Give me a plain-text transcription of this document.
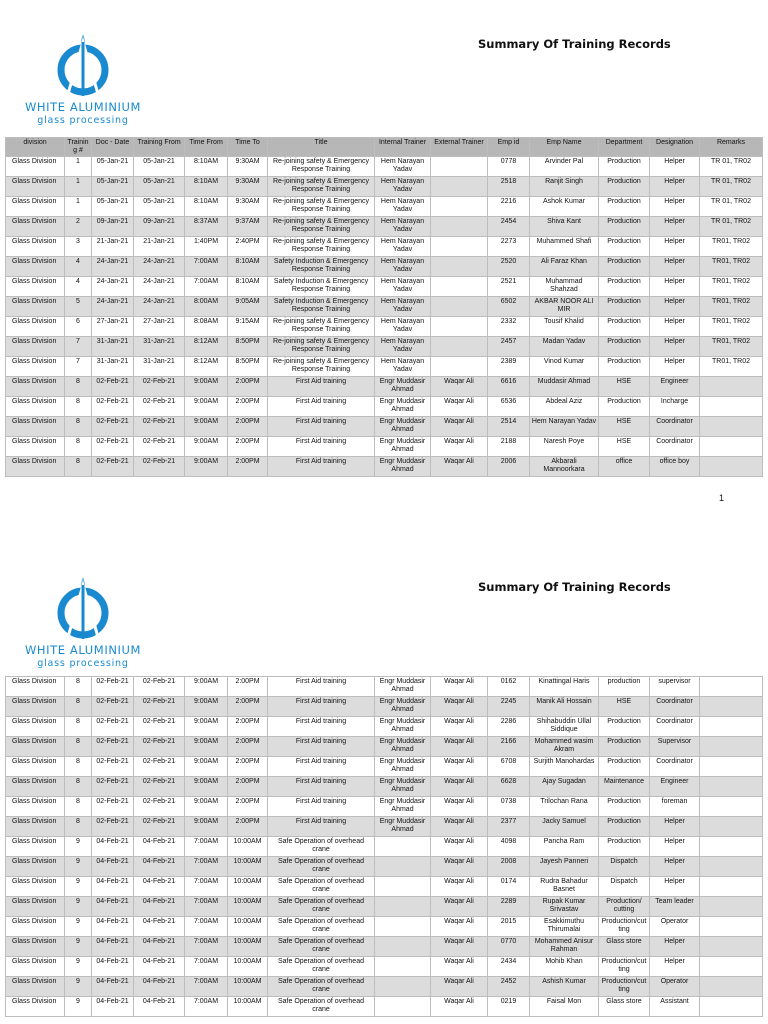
WHITE ALUMINIUM
glass processing
Summary Of Training Records
division	Trainin g #	Doc - Date	Training From	Time From	Time To	Title	Internal Trainer	External Trainer	Emp id	Emp Name	Department	Designation	Remarks
Glass Division	1	05-Jan-21	05-Jan-21	8:10AM	9:30AM	Re-joining safety & Emergency Response Training	Hem Narayan Yadav		0778	Arvinder Pal	Production	Helper	TR 01, TR02
Glass Division	1	05-Jan-21	05-Jan-21	8:10AM	9:30AM	Re-joining safety & Emergency Response Training	Hem Narayan Yadav		2518	Ranjit Singh	Production	Helper	TR 01, TR02
Glass Division	1	05-Jan-21	05-Jan-21	8:10AM	9:30AM	Re-joining safety & Emergency Response Training	Hem Narayan Yadav		2216	Ashok Kumar	Production	Helper	TR 01, TR02
Glass Division	2	09-Jan-21	09-Jan-21	8:37AM	9:37AM	Re-joining safety & Emergency Response Training	Hem Narayan Yadav		2454	Shiva Kant	Production	Helper	TR 01, TR02
Glass Division	3	21-Jan-21	21-Jan-21	1:40PM	2:40PM	Re-joining safety & Emergency Response Training	Hem Narayan Yadav		2273	Muhammed Shafi	Production	Helper	TR01, TR02
Glass Division	4	24-Jan-21	24-Jan-21	7:00AM	8:10AM	Safety Induction & Emergency Response Training	Hem Narayan Yadav		2520	Ali Faraz Khan	Production	Helper	TR01, TR02
Glass Division	4	24-Jan-21	24-Jan-21	7:00AM	8:10AM	Safety Induction & Emergency Response Training	Hem Narayan Yadav		2521	Muhammad Shahzad	Production	Helper	TR01, TR02
Glass Division	5	24-Jan-21	24-Jan-21	8:00AM	9:05AM	Safety Induction & Emergency Response Training	Hem Narayan Yadav		6502	AKBAR NOOR ALI MIR	Production	Helper	TR01, TR02
Glass Division	6	27-Jan-21	27-Jan-21	8:08AM	9:15AM	Re-joining safety & Emergency Response Training	Hem Narayan Yadav		2332	Tousif Khalid	Production	Helper	TR01, TR02
Glass Division	7	31-Jan-21	31-Jan-21	8:12AM	8:50PM	Re-joining safety & Emergency Response Training	Hem Narayan Yadav		2457	Madan Yadav	Production	Helper	TR01, TR02
Glass Division	7	31-Jan-21	31-Jan-21	8:12AM	8:50PM	Re-joining safety & Emergency Response Training	Hem Narayan Yadav		2389	Vinod Kumar	Production	Helper	TR01, TR02
Glass Division	8	02-Feb-21	02-Feb-21	9:00AM	2:00PM	First Aid training	Engr Muddasir Ahmad	Waqar Ali	6616	Muddasir Ahmad	HSE	Engineer	
Glass Division	8	02-Feb-21	02-Feb-21	9:00AM	2:00PM	First Aid training	Engr Muddasir Ahmad	Waqar Ali	6536	Abdeal Aziz	Production	Incharge	
Glass Division	8	02-Feb-21	02-Feb-21	9:00AM	2:00PM	First Aid training	Engr Muddasir Ahmad	Waqar Ali	2514	Hem Narayan Yadav	HSE	Coordinator	
Glass Division	8	02-Feb-21	02-Feb-21	9:00AM	2:00PM	First Aid training	Engr Muddasir Ahmad	Waqar Ali	2188	Naresh Poye	HSE	Coordinator	
Glass Division	8	02-Feb-21	02-Feb-21	9:00AM	2:00PM	First Aid training	Engr Muddasir Ahmad	Waqar Ali	2006	Akbarali Mannoorkara	office	office boy	
1
WHITE ALUMINIUM
glass processing
Summary Of Training Records
Glass Division	8	02-Feb-21	02-Feb-21	9:00AM	2:00PM	First Aid training	Engr Muddasir Ahmad	Waqar Ali	0162	Kinattingal Haris	production	supervisor	
Glass Division	8	02-Feb-21	02-Feb-21	9:00AM	2:00PM	First Aid training	Engr Muddasir Ahmad	Waqar Ali	2245	Manik Ali Hossain	HSE	Coordinator	
Glass Division	8	02-Feb-21	02-Feb-21	9:00AM	2:00PM	First Aid training	Engr Muddasir Ahmad	Waqar Ali	2286	Shihabuddin Ullal Siddique	Production	Coordinator	
Glass Division	8	02-Feb-21	02-Feb-21	9:00AM	2:00PM	First Aid training	Engr Muddasir Ahmad	Waqar Ali	2166	Mohammed wasim Akram	Production	Supervisor	
Glass Division	8	02-Feb-21	02-Feb-21	9:00AM	2:00PM	First Aid training	Engr Muddasir Ahmad	Waqar Ali	6708	Surjith Manohardas	Production	Coordinator	
Glass Division	8	02-Feb-21	02-Feb-21	9:00AM	2:00PM	First Aid training	Engr Muddasir Ahmad	Waqar Ali	6628	Ajay Sugadan	Maintenance	Engineer	
Glass Division	8	02-Feb-21	02-Feb-21	9:00AM	2:00PM	First Aid training	Engr Muddasir Ahmad	Waqar Ali	0738	Trilochan Rana	Production	foreman	
Glass Division	8	02-Feb-21	02-Feb-21	9:00AM	2:00PM	First Aid training	Engr Muddasir Ahmad	Waqar Ali	2377	Jacky Samuel	Production	Helper	
Glass Division	9	04-Feb-21	04-Feb-21	7:00AM	10:00AM	Safe Operation of overhead crane		Waqar Ali	4098	Pancha Ram	Production	Helper	
Glass Division	9	04-Feb-21	04-Feb-21	7:00AM	10:00AM	Safe Operation of overhead crane		Waqar Ali	2008	Jayesh Panneri	Dispatch	Helper	
Glass Division	9	04-Feb-21	04-Feb-21	7:00AM	10:00AM	Safe Operation of overhead crane		Waqar Ali	0174	Rudra Bahadur Basnet	Dispatch	Helper	
Glass Division	9	04-Feb-21	04-Feb-21	7:00AM	10:00AM	Safe Operation of overhead crane		Waqar Ali	2289	Rupak Kumar Srivastav	Production/ cutting	Team leader	
Glass Division	9	04-Feb-21	04-Feb-21	7:00AM	10:00AM	Safe Operation of overhead crane		Waqar Ali	2015	Esakkimuthu Thirumalai	Production/cut ting	Operator	
Glass Division	9	04-Feb-21	04-Feb-21	7:00AM	10:00AM	Safe Operation of overhead crane		Waqar Ali	0770	Mohammed Anisur Rahman	Glass store	Helper	
Glass Division	9	04-Feb-21	04-Feb-21	7:00AM	10:00AM	Safe Operation of overhead crane		Waqar Ali	2434	Mohib Khan	Production/cut ting	Helper	
Glass Division	9	04-Feb-21	04-Feb-21	7:00AM	10:00AM	Safe Operation of overhead crane		Waqar Ali	2452	Ashish Kumar	Production/cut ting	Operator	
Glass Division	9	04-Feb-21	04-Feb-21	7:00AM	10:00AM	Safe Operation of overhead crane		Waqar Ali	0219	Faisal Mon	Glass store	Assistant	
